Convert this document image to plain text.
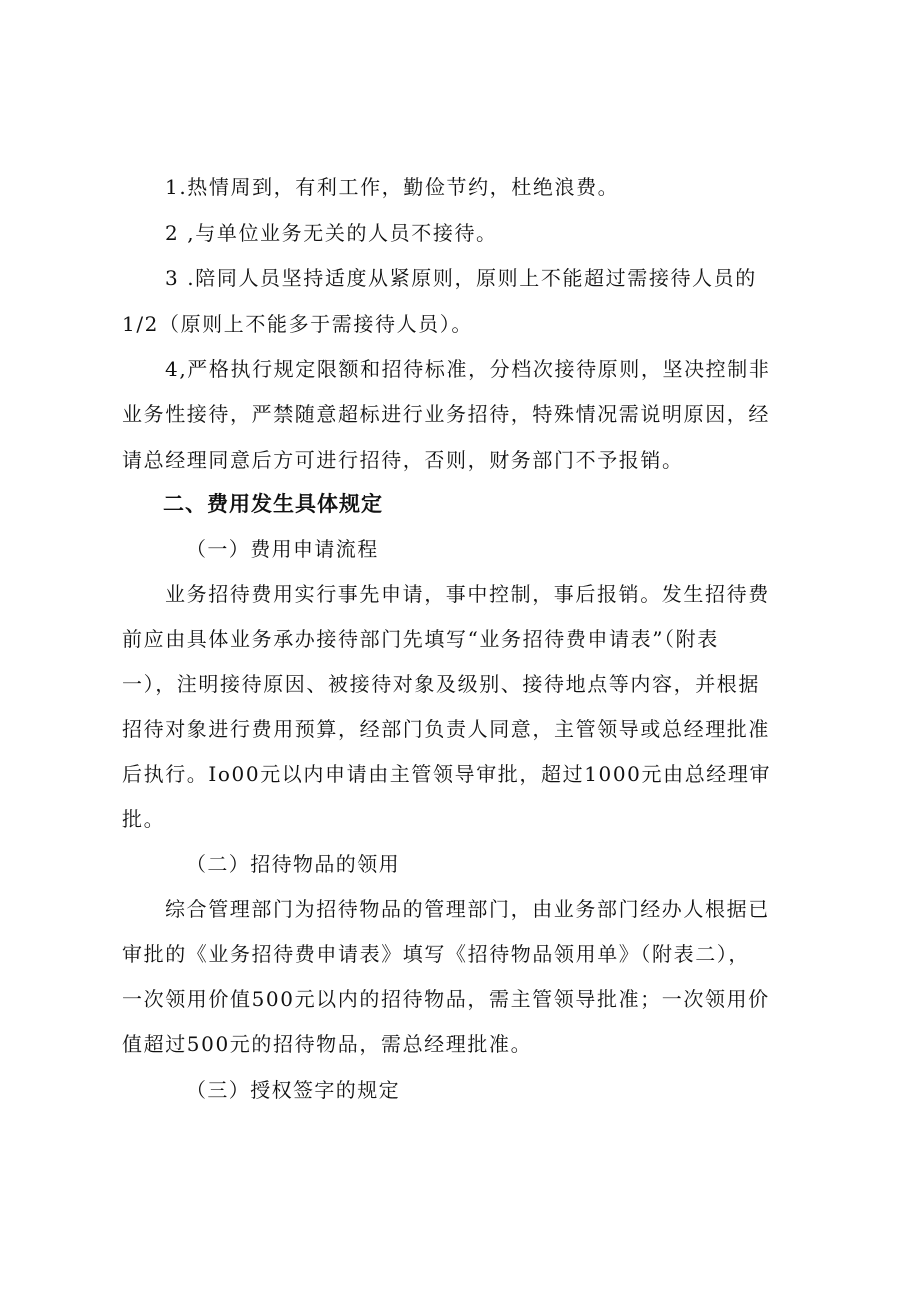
1.热情周到，有利工作，勤俭节约，杜绝浪费。
2 ,与单位业务无关的人员不接待。
3 .陪同人员坚持适度从紧原则，原则上不能超过需接待人员的
1/2（原则上不能多于需接待人员）。
4,严格执行规定限额和招待标准，分档次接待原则，坚决控制非
业务性接待，严禁随意超标进行业务招待，特殊情况需说明原因，经
请总经理同意后方可进行招待，否则，财务部门不予报销。
二、费用发生具体规定
（一）费用申请流程
业务招待费用实行事先申请，事中控制，事后报销。发生招待费
前应由具体业务承办接待部门先填写“业务招待费申请表”（附表
一），注明接待原因、被接待对象及级别、接待地点等内容，并根据
招待对象进行费用预算，经部门负责人同意，主管领导或总经理批准
后执行。Io00元以内申请由主管领导审批，超过1000元由总经理审
批。
（二）招待物品的领用
综合管理部门为招待物品的管理部门，由业务部门经办人根据已
审批的《业务招待费申请表》填写《招待物品领用单》（附表二），
一次领用价值500元以内的招待物品，需主管领导批准；一次领用价
值超过500元的招待物品，需总经理批准。
（三）授权签字的规定
